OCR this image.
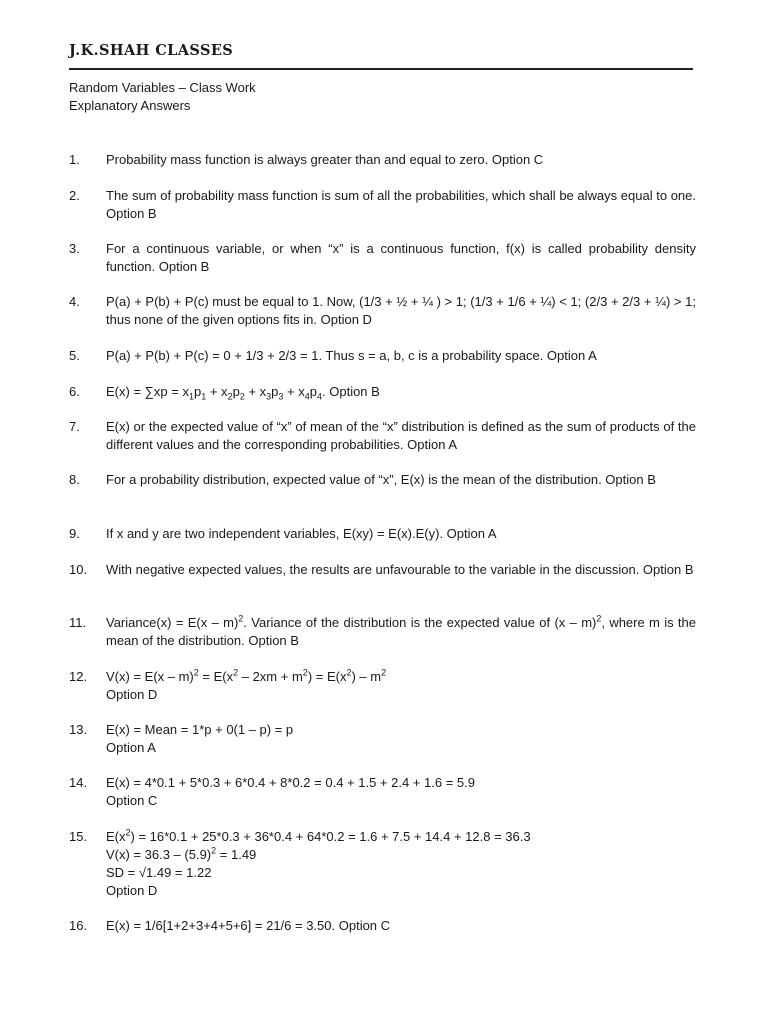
J.K.SHAH CLASSES
Random Variables – Class Work
Explanatory Answers
1.	Probability mass function is always greater than and equal to zero. Option C
2.	The sum of probability mass function is sum of all the probabilities, which shall be always equal to one. Option B
3.	For a continuous variable, or when “x” is a continuous function, f(x) is called probability density function. Option B
4.	P(a) + P(b) + P(c) must be equal to 1. Now, (1/3 + ½ + ¼ ) > 1; (1/3 + 1/6 + ¼) < 1; (2/3 + 2/3 + ¼) > 1; thus none of the given options fits in. Option D
5.	P(a) + P(b) + P(c) = 0 + 1/3 + 2/3 = 1. Thus s = a, b, c is a probability space. Option A
6.	$E(x) = \sum xp = x_1p_1 + x_2p_2 + x_3p_3 + x_4p_4$. Option B
7.	E(x) or the expected value of “x” of mean of the “x” distribution is defined as the sum of products of the different values and the corresponding probabilities. Option A
8.	For a probability distribution, expected value of “x”, E(x) is the mean of the distribution. Option B
9.	If x and y are two independent variables, E(xy) = E(x).E(y). Option A
10.	With negative expected values, the results are unfavourable to the variable in the discussion. Option B
11.	Variance(x) = E(x – m)$^2$. Variance of the distribution is the expected value of (x – m)$^2$, where m is the mean of the distribution. Option B
12.	$V(x) = E(x - m)^2 = E(x^2 - 2xm + m^2) = E(x^2) - m^2$
Option D
13.	E(x) = Mean = 1*p + 0(1 – p) = p
Option A
14.	E(x) = 4*0.1 + 5*0.3 + 6*0.4 + 8*0.2 = 0.4 + 1.5 + 2.4 + 1.6 = 5.9
Option C
15.	$E(x^2) = 16*0.1 + 25*0.3 + 36*0.4 + 64*0.2 = 1.6 + 7.5 + 14.4 + 12.8 = 36.3$
$V(x) = 36.3 - (5.9)^2 = 1.49$
SD = √1.49 = 1.22
Option D
16.	E(x) = 1/6[1+2+3+4+5+6] = 21/6 = 3.50. Option C
